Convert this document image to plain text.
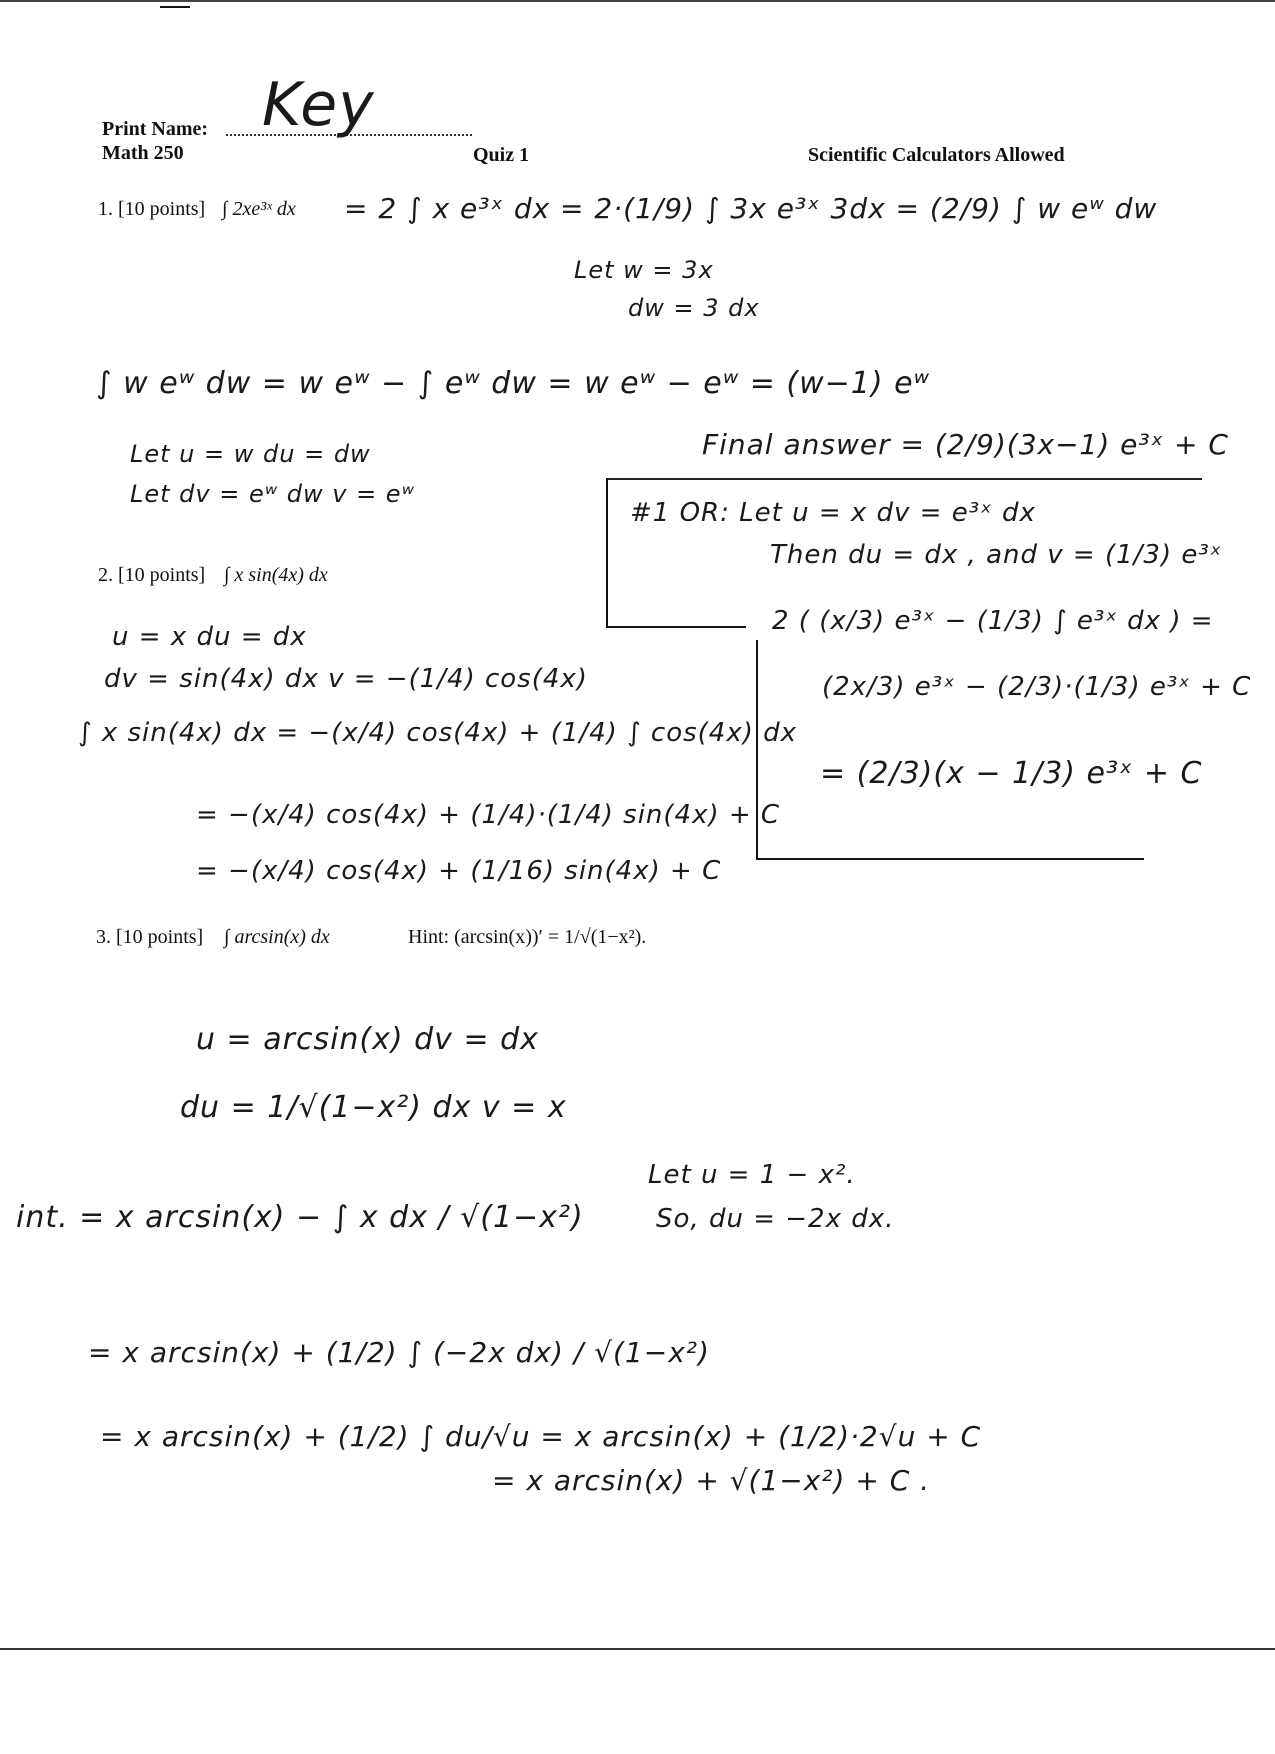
Print Name: Key
Math 250	Quiz 1	Scientific Calculators Allowed
1. [10 points] ∫ 2xe³ˣ dx = 2 ∫ x e³ˣ dx = 2·(1/9) ∫ 3x e³ˣ 3dx = (2/9) ∫ w eʷ dw
Let w = 3x
dw = 3 dx
∫ w eʷ dw = w eʷ − ∫ eʷ dw = w eʷ − eʷ = (w−1) eʷ
Let u = w du = dw
Let dv = eʷ dw v = eʷ
Final answer = (2/9)(3x−1) e³ˣ + C
#1 OR: Let u = x dv = e³ˣ dx
Then du = dx , and v = (1/3) e³ˣ
2 ( (x/3) e³ˣ − (1/3) ∫ e³ˣ dx ) =
(2x/3) e³ˣ − (2/3)·(1/3) e³ˣ + C
= (2/3)(x − 1/3) e³ˣ + C
2. [10 points] ∫ x sin(4x) dx
u = x du = dx
dv = sin(4x) dx v = −(1/4) cos(4x)
∫ x sin(4x) dx = −(x/4) cos(4x) + (1/4) ∫ cos(4x) dx
= −(x/4) cos(4x) + (1/4)·(1/4) sin(4x) + C
= −(x/4) cos(4x) + (1/16) sin(4x) + C
3. [10 points] ∫ arcsin(x) dx	Hint: (arcsin(x))′ = 1/√(1−x²).
u = arcsin(x) dv = dx
du = 1/√(1−x²) dx v = x
int. = x arcsin(x) − ∫ x dx / √(1−x²)
Let u = 1 − x².
So, du = −2x dx.
= x arcsin(x) + (1/2) ∫ (−2x dx) / √(1−x²)
= x arcsin(x) + (1/2) ∫ du/√u = x arcsin(x) + (1/2)·2√u + C
= x arcsin(x) + √(1−x²) + C .
